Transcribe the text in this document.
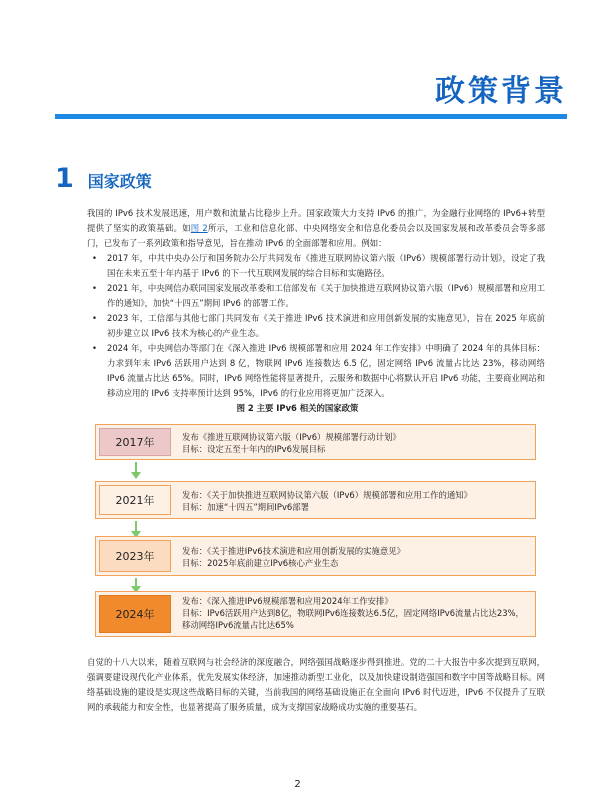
政策背景
1 国家政策
我国的 IPv6 技术发展迅速，用户数和流量占比稳步上升。国家政策大力支持 IPv6 的推广，为金融行业网络的 IPv6+转型提供了坚实的政策基础。如图 2所示，工业和信息化部、中央网络安全和信息化委员会以及国家发展和改革委员会等多部门，已发布了一系列政策和指导意见，旨在推动 IPv6 的全面部署和应用。例如：
• 2017 年，中共中央办公厅和国务院办公厅共同发布《推进互联网协议第六版（IPv6）规模部署行动计划》，设定了我国在未来五至十年内基于 IPv6 的下一代互联网发展的综合目标和实施路径。
• 2021 年，中央网信办联同国家发展改革委和工信部发布《关于加快推进互联网协议第六版（IPv6）规模部署和应用工作的通知》，加快“十四五”期间 IPv6 的部署工作。
• 2023 年，工信部与其他七部门共同发布《关于推进 IPv6 技术演进和应用创新发展的实施意见》，旨在 2025 年底前初步建立以 IPv6 技术为核心的产业生态。
• 2024 年，中央网信办等部门在《深入推进 IPv6 规模部署和应用 2024 年工作安排》中明确了 2024 年的具体目标：力求到年末 IPv6 活跃用户达到 8 亿，物联网 IPv6 连接数达 6.5 亿，固定网络 IPv6 流量占比达 23%，移动网络 IPv6 流量占比达 65%。同时，IPv6 网络性能将显著提升，云服务和数据中心将默认开启 IPv6 功能，主要商业网站和移动应用的 IPv6 支持率预计达到 95%，IPv6 的行业应用将更加广泛深入。
图 2 主要 IPv6 相关的国家政策
2017年	发布《推进互联网协议第六版（IPv6）规模部署行动计划》
目标：设定五至十年内的IPv6发展目标
2021年	发布：《关于加快推进互联网协议第六版（IPv6）规模部署和应用工作的通知》
目标：加速“十四五”期间IPv6部署
2023年	发布：《关于推进IPv6技术演进和应用创新发展的实施意见》
目标：2025年底前建立IPv6核心产业生态
2024年
发布：《深入推进IPv6规模部署和应用2024年工作安排》
目标：IPv6活跃用户达到8亿，物联网IPv6连接数达6.5亿，固定网络IPv6流量占比达23%，移动网络IPv6流量占比达65%
自觉的十八大以来，随着互联网与社会经济的深度融合，网络强国战略逐步得到推进。党的二十大报告中多次提到互联网，强调要建设现代化产业体系，优先发展实体经济，加速推动新型工业化，以及加快建设制造强国和数字中国等战略目标。网络基础设施的建设是实现这些战略目标的关键，当前我国的网络基础设施正在全面向 IPv6 时代迈进，IPv6 不仅提升了互联网的承载能力和安全性，也显著提高了服务质量，成为支撑国家战略成功实施的重要基石。
2
